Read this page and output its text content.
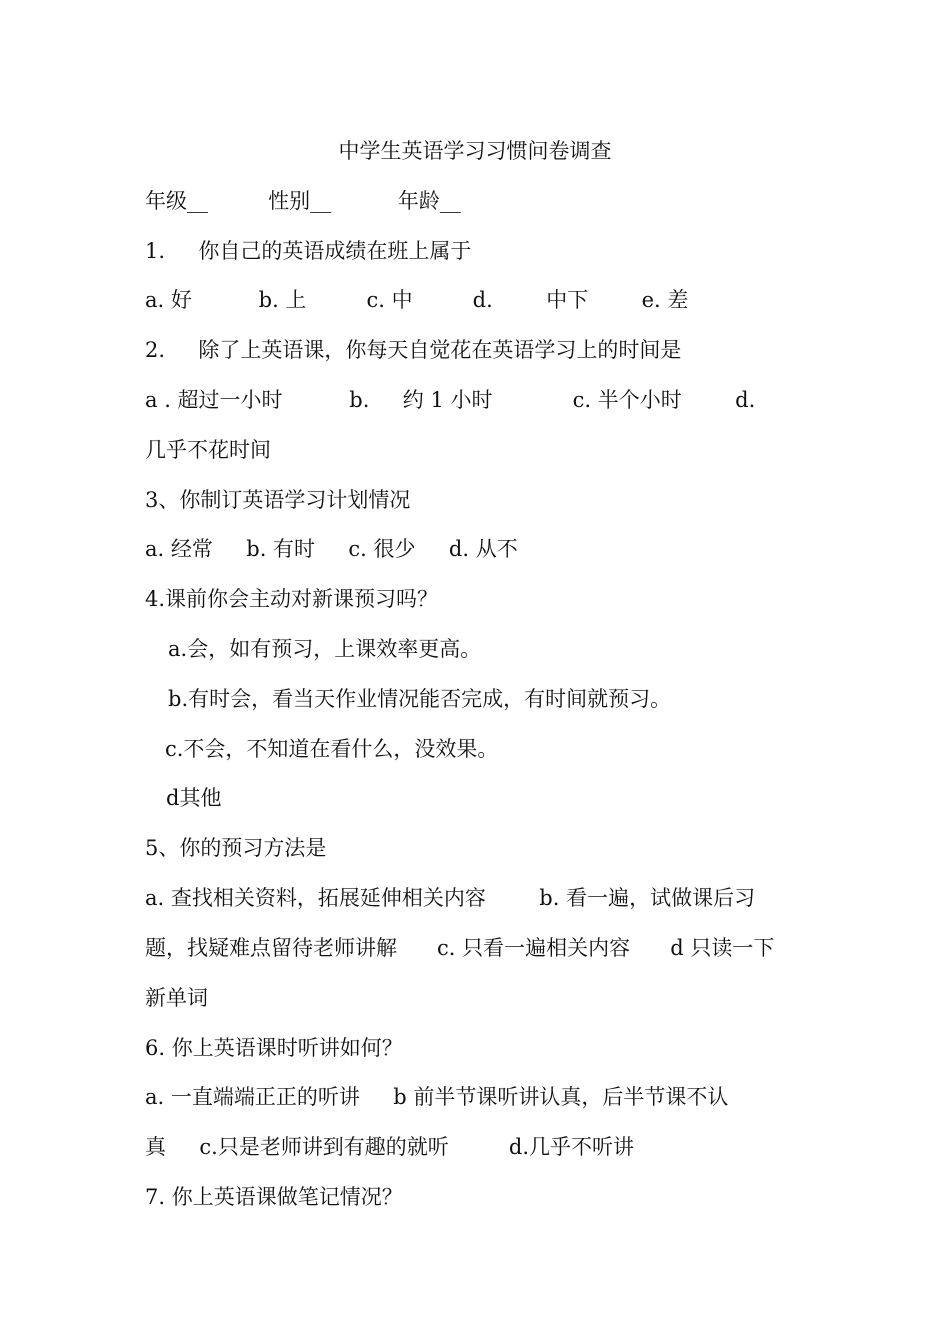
中学生英语学习习惯问卷调查
年级__         性别__          年龄__
1.     你自己的英语成绩在班上属于
a. 好          b. 上         c. 中         d.        中下        e. 差
2.     除了上英语课，你每天自觉花在英语学习上的时间是
a . 超过一小时          b.     约 1 小时            c. 半个小时        d.
几乎不花时间
3、你制订英语学习计划情况
a. 经常     b. 有时     c. 很少     d. 从不
4.课前你会主动对新课预习吗？
a.会，如有预习，上课效率更高。
b.有时会，看当天作业情况能否完成，有时间就预习。
c.不会，不知道在看什么，没效果。
d其他
5、你的预习方法是
a. 查找相关资料，拓展延伸相关内容        b. 看一遍，试做课后习
题，找疑难点留待老师讲解      c. 只看一遍相关内容      d 只读一下
新单词
6. 你上英语课时听讲如何？
a. 一直端端正正的听讲     b 前半节课听讲认真，后半节课不认
真     c.只是老师讲到有趣的就听         d.几乎不听讲
7. 你上英语课做笔记情况？
